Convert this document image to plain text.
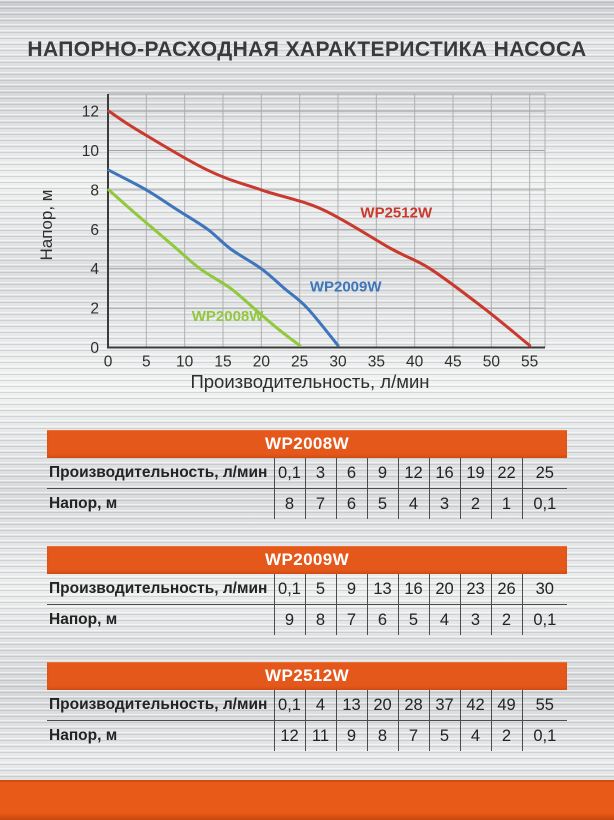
НАПОРНО-РАСХОДНАЯ ХАРАКТЕРИСТИКА НАСОСА
0 5 10 15 20 25 30 35 40 45 50 55
0
2
4
6
8
10
12
WP2008W
WP2009W
WP2512W
Напор, м
Производительность, л/мин
WP2008W									
Производительность, л/мин	0,1	3	6	9	12	16	19	22	25
Напор, м	8	7	6	5	4	3	2	1	0,1
WP2009W									
Производительность, л/мин	0,1	5	9	13	16	20	23	26	30
Напор, м	9	8	7	6	5	4	3	2	0,1
WP2512W									
Производительность, л/мин	0,1	4	13	20	28	37	42	49	55
Напор, м	12	11	9	8	7	5	4	2	0,1
